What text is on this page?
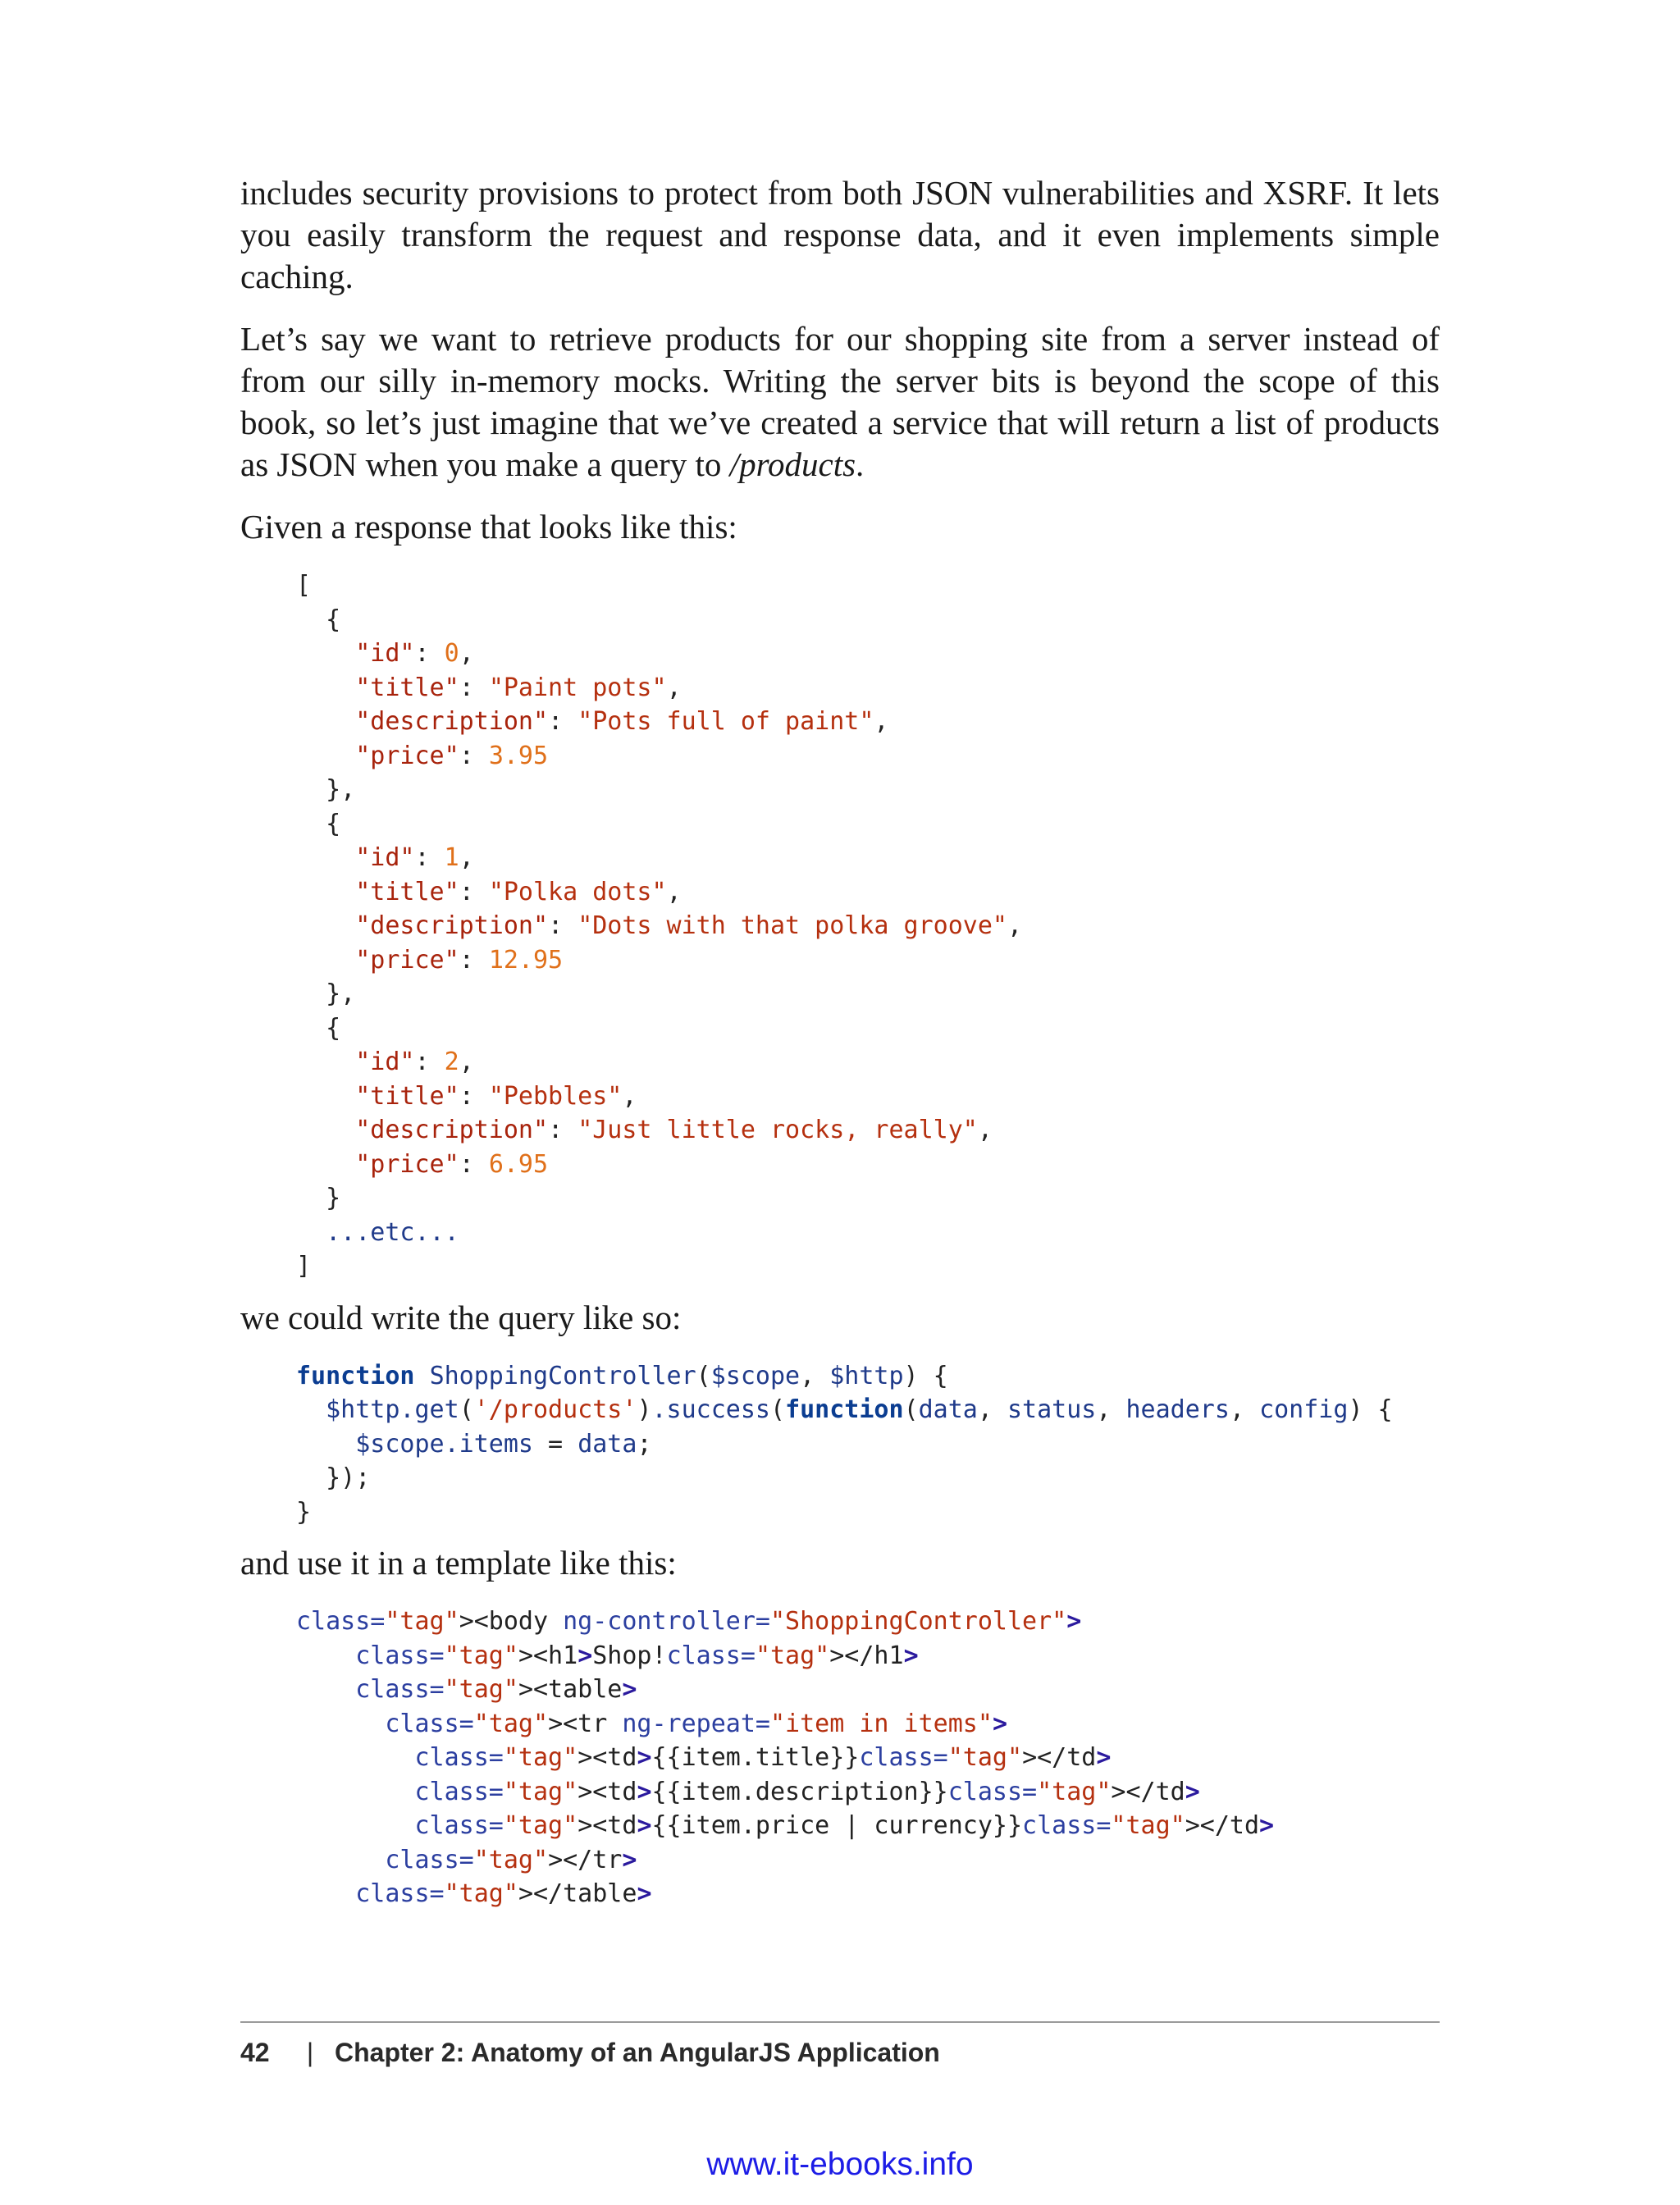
includes security provisions to protect from both JSON vulnerabilities and XSRF. It lets you easily transform the request and response data, and it even implements simple caching.

Let’s say we want to retrieve products for our shopping site from a server instead of from our silly in-memory mocks. Writing the server bits is beyond the scope of this book, so let’s just imagine that we’ve created a service that will return a list of products as JSON when you make a query to /products.

Given a response that looks like this:

[
{
"id": 0,
"title": "Paint pots",
"description": "Pots full of paint",
"price": 3.95
},
{
"id": 1,
"title": "Polka dots",
"description": "Dots with that polka groove",
"price": 12.95
},
{
"id": 2,
"title": "Pebbles",
"description": "Just little rocks, really",
"price": 6.95
}
...etc...
]

we could write the query like so:

function ShoppingController($scope, $http) {
$http.get('/products').success(function(data, status, headers, config) {
$scope.items = data;
});
}

and use it in a template like this:

class="tag"><body ng-controller="ShoppingController">
class="tag"><h1>Shop!class="tag"></h1>
class="tag"><table>
class="tag"><tr ng-repeat="item in items">
class="tag"><td>{{item.title}}class="tag"></td>
class="tag"><td>{{item.description}}class="tag"></td>
class="tag"><td>{{item.price | currency}}class="tag"></td>
class="tag"></tr>
class="tag"></table>
42 | Chapter 2: Anatomy of an AngularJS Application
www.it-ebooks.info
